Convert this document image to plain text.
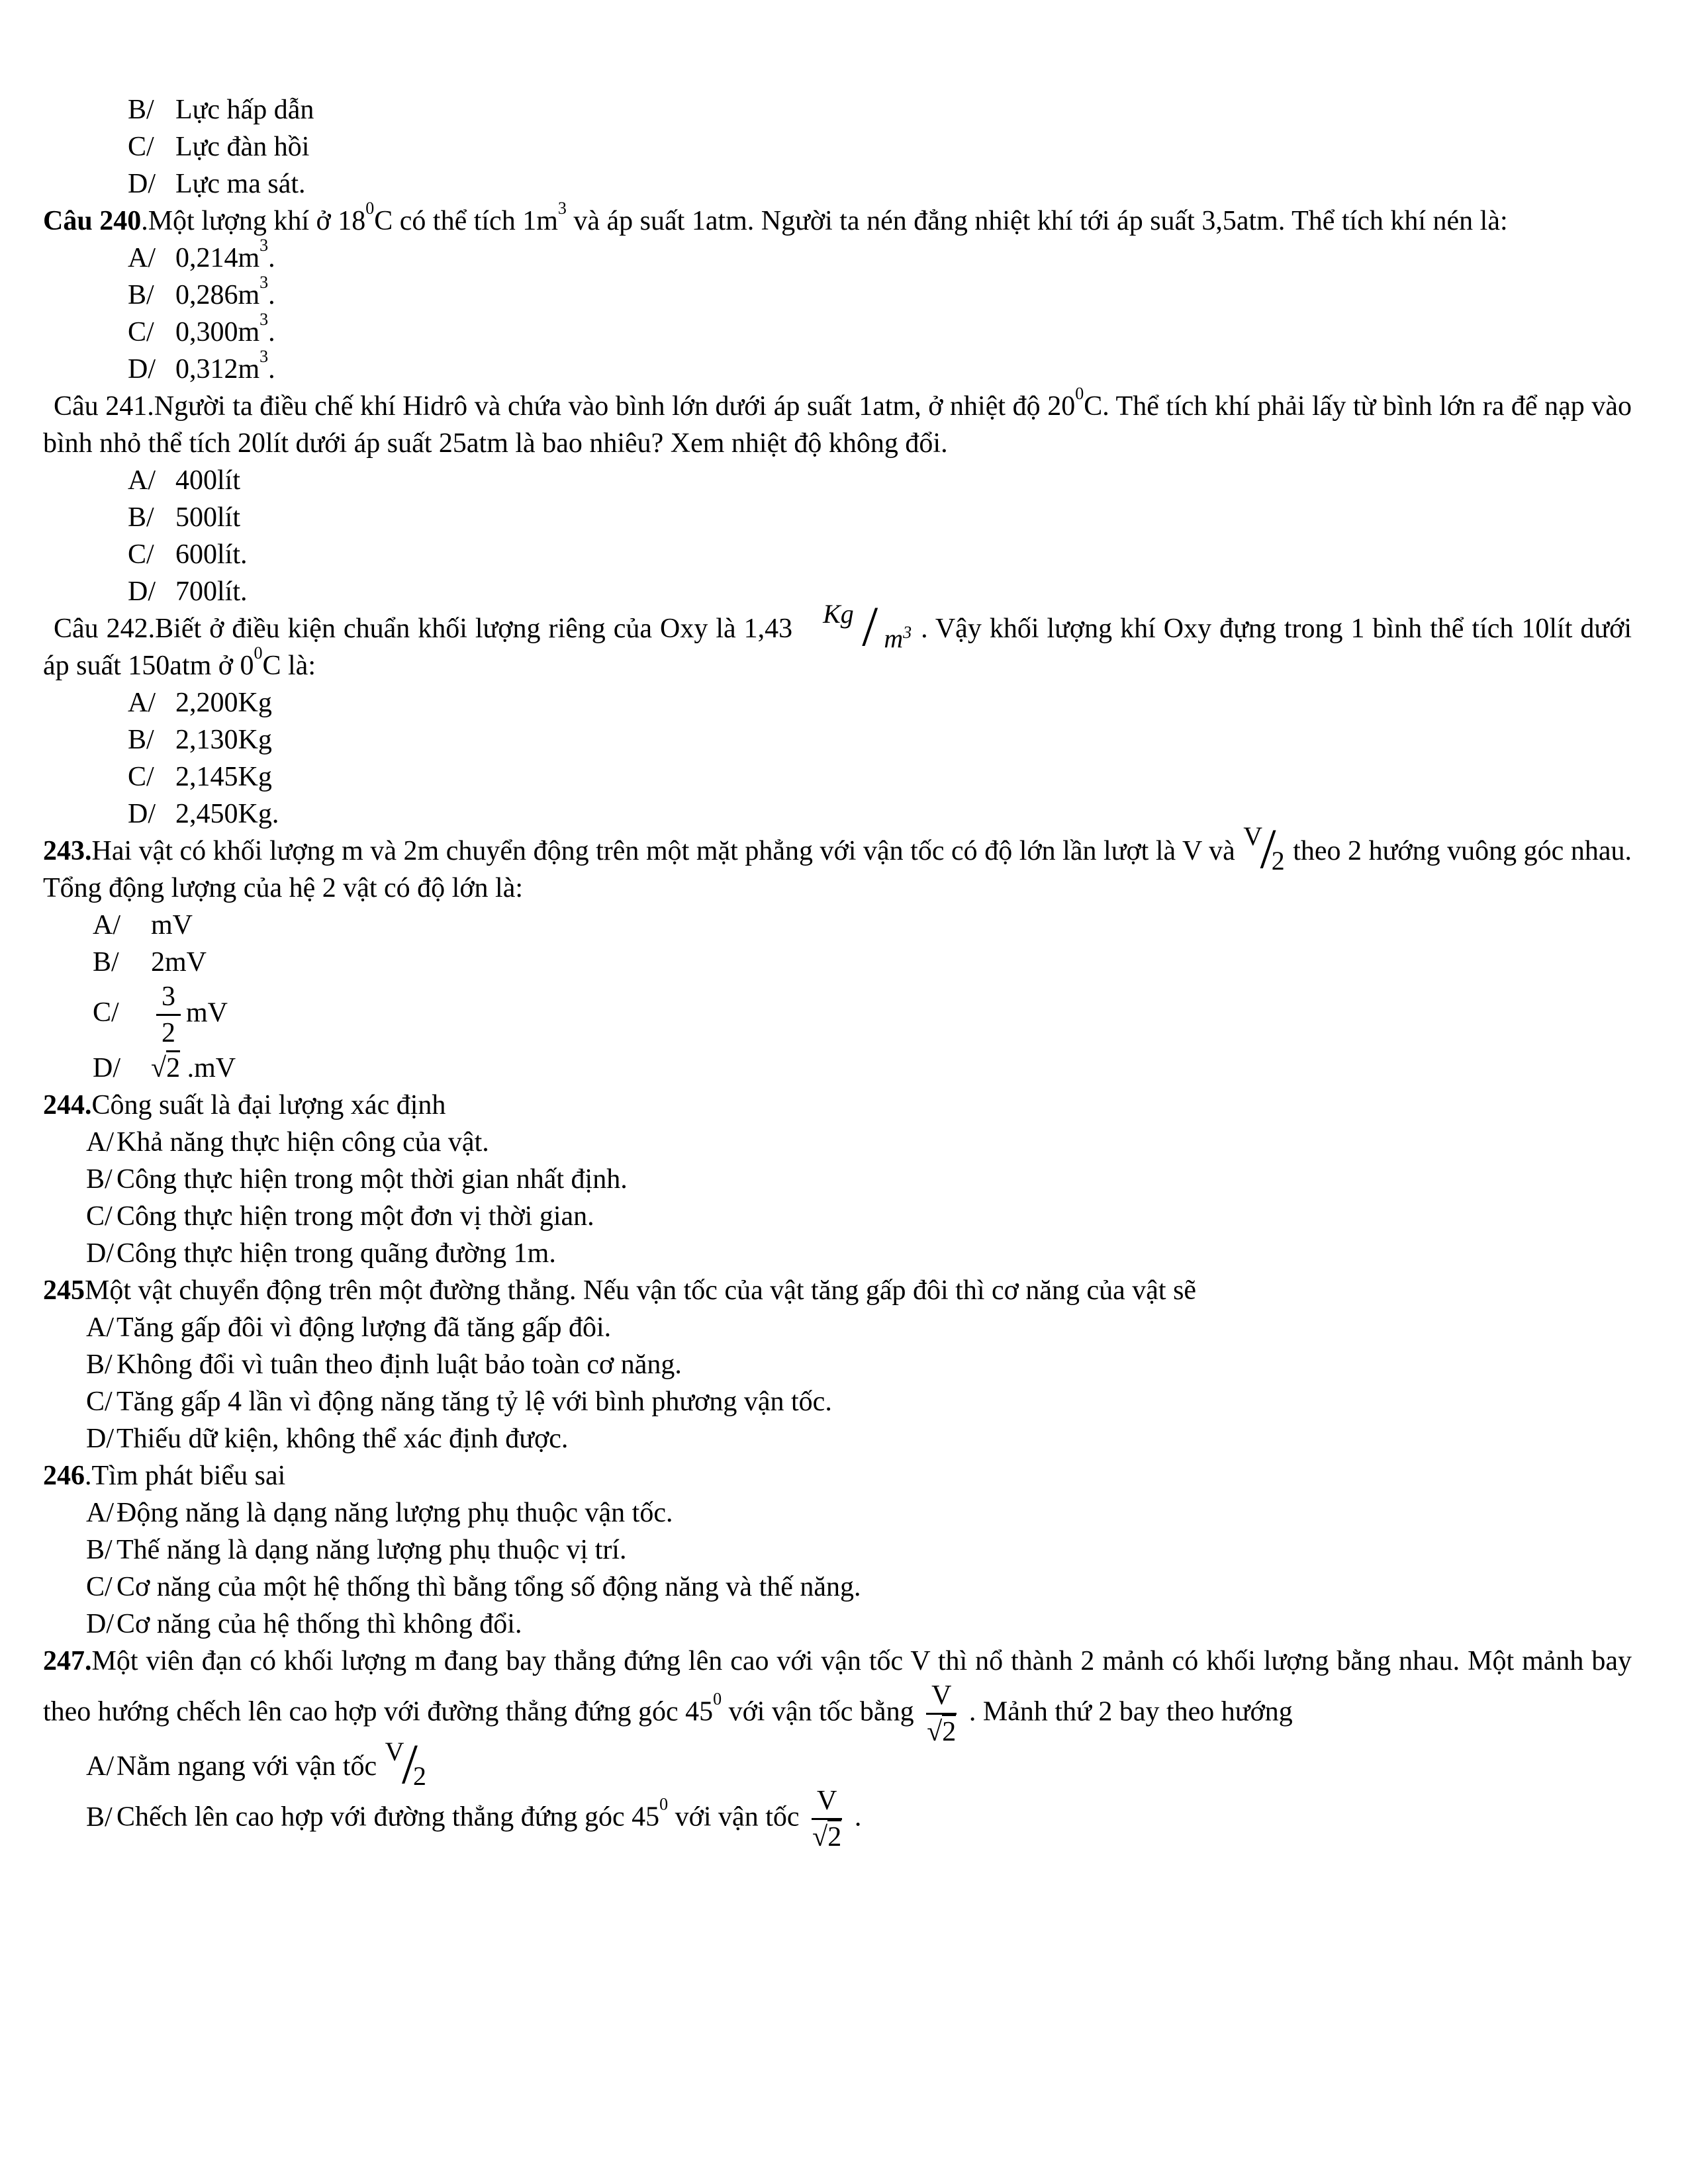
B/ Lực hấp dẫn
C/ Lực đàn hồi
D/ Lực ma sát.

Câu 240.Một lượng khí ở $18^0C$ có thể tích $1m^3$ và áp suất 1atm. Người ta nén đẳng nhiệt khí tới áp suất 3,5atm. Thể tích khí nén là:

A/ $0,214m^3$.
B/ $0,286m^3$.
C/ $0,300m^3$.
D/ $0,312m^3$.

Câu 241.Người ta điều chế khí Hidrô và chứa vào bình lớn dưới áp suất 1atm, ở nhiệt độ $20^0C$. Thể tích khí phải lấy từ bình lớn ra để nạp vào bình nhỏ thể tích 20lít dưới áp suất 25atm là bao nhiêu? Xem nhiệt độ không đổi.

A/ 400lít
B/ 500lít
C/ 600lít.
D/ 700lít.

Câu 242.Biết ở điều kiện chuẩn khối lượng riêng của Oxy là 1,43 Kg / $m^3$ . Vậy khối lượng khí Oxy đựng trong 1 bình thể tích 10lít dưới áp suất 150atm ở $0^0C$ là:

A/ 2,200Kg
B/ 2,130Kg
C/ 2,145Kg
D/ 2,450Kg.

243.Hai vật có khối lượng m và 2m chuyển động trên một mặt phẳng với vận tốc có độ lớn lần lượt là V và V/2 theo 2 hướng vuông góc nhau. Tổng động lượng của hệ 2 vật có độ lớn là:

A/ mV
B/ 2mV
$C/ \frac{3}{2}$ mV
D/ √2 .mV

244.Công suất là đại lượng xác định

A/Khả năng thực hiện công của vật.
B/ Công thực hiện trong một thời gian nhất định.
C/ Công thực hiện trong một đơn vị thời gian.
D/Công thực hiện trong quãng đường 1m.

245Một vật chuyển động trên một đường thẳng. Nếu vận tốc của vật tăng gấp đôi thì cơ năng của vật sẽ

A/Tăng gấp đôi vì động lượng đã tăng gấp đôi.
B/ Không đổi vì tuân theo định luật bảo toàn cơ năng.
C/ Tăng gấp 4 lần vì động năng tăng tỷ lệ với bình phương vận tốc.
D/Thiếu dữ kiện, không thể xác định được.

246.Tìm phát biểu sai

A/Động năng là dạng năng lượng phụ thuộc vận tốc.
B/ Thế năng là dạng năng lượng phụ thuộc vị trí.
C/ Cơ năng của một hệ thống thì bằng tổng số động năng và thế năng.
D/Cơ năng của hệ thống thì không đổi.

247.Một viên đạn có khối lượng m đang bay thẳng đứng lên cao với vận tốc V thì nổ thành 2 mảnh có khối lượng bằng nhau. Một mảnh bay theo hướng chếch lên cao hợp với đường thẳng đứng góc $45^0$ với vận tốc bằng $\frac{V}{√2}$ . Mảnh thứ 2 bay theo hướng

A/Nằm ngang với vận tốc V/2
B/ Chếch lên cao hợp với đường thẳng đứng góc $45^0$ với vận tốc $\frac{V}{√2}$ .
